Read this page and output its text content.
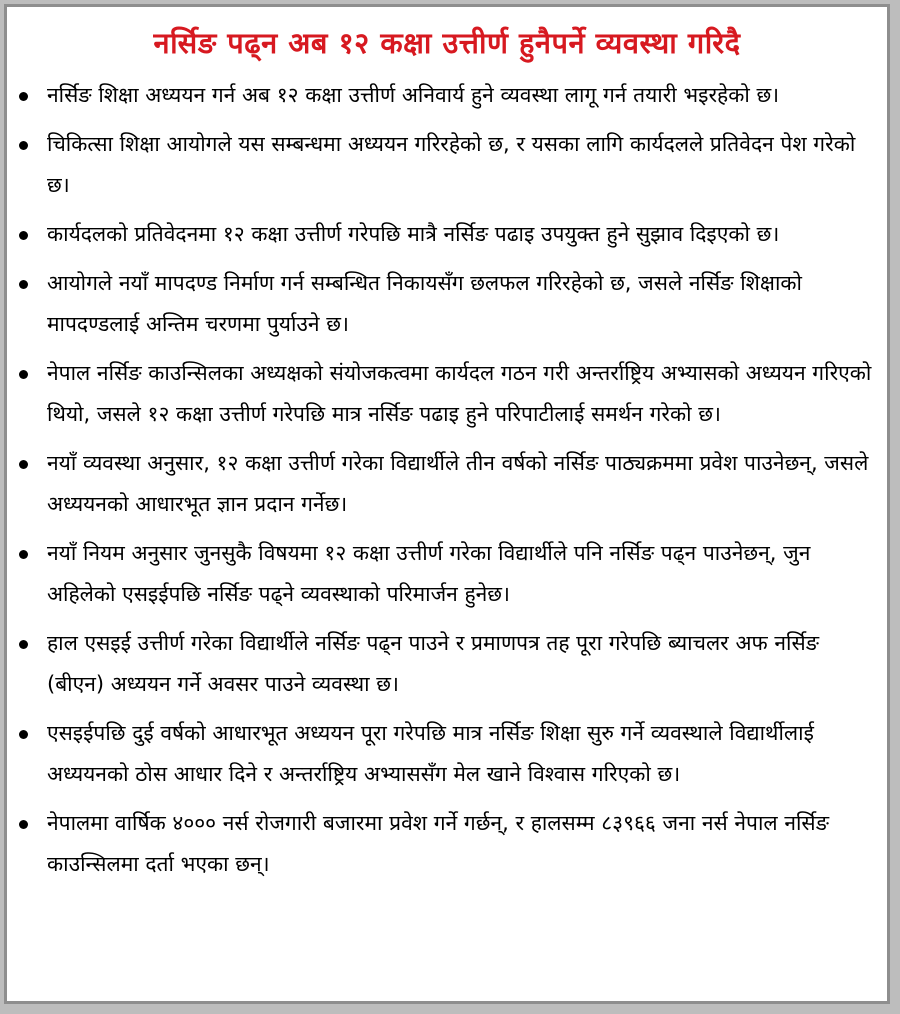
नर्सिङ पढ्न अब १२ कक्षा उत्तीर्ण हुनैपर्ने व्यवस्था गरिदै
नर्सिङ शिक्षा अध्ययन गर्न अब १२ कक्षा उत्तीर्ण अनिवार्य हुने व्यवस्था लागू गर्न तयारी भइरहेको छ।
चिकित्सा शिक्षा आयोगले यस सम्बन्धमा अध्ययन गरिरहेको छ, र यसका लागि कार्यदलले प्रतिवेदन पेश गरेको छ।
कार्यदलको प्रतिवेदनमा १२ कक्षा उत्तीर्ण गरेपछि मात्रै नर्सिङ पढाइ उपयुक्त हुने सुझाव दिइएको छ।
आयोगले नयाँ मापदण्ड निर्माण गर्न सम्बन्धित निकायसँग छलफल गरिरहेको छ, जसले नर्सिङ शिक्षाको मापदण्डलाई अन्तिम चरणमा पुर्याउने छ।
नेपाल नर्सिङ काउन्सिलका अध्यक्षको संयोजकत्वमा कार्यदल गठन गरी अन्तर्राष्ट्रिय अभ्यासको अध्ययन गरिएको थियो, जसले १२ कक्षा उत्तीर्ण गरेपछि मात्र नर्सिङ पढाइ हुने परिपाटीलाई समर्थन गरेको छ।
नयाँ व्यवस्था अनुसार, १२ कक्षा उत्तीर्ण गरेका विद्यार्थीले तीन वर्षको नर्सिङ पाठ्यक्रममा प्रवेश पाउनेछन्, जसले अध्ययनको आधारभूत ज्ञान प्रदान गर्नेछ।
नयाँ नियम अनुसार जुनसुकै विषयमा १२ कक्षा उत्तीर्ण गरेका विद्यार्थीले पनि नर्सिङ पढ्न पाउनेछन्, जुन अहिलेको एसइईपछि नर्सिङ पढ्ने व्यवस्थाको परिमार्जन हुनेछ।
हाल एसइई उत्तीर्ण गरेका विद्यार्थीले नर्सिङ पढ्न पाउने र प्रमाणपत्र तह पूरा गरेपछि ब्याचलर अफ नर्सिङ (बीएन) अध्ययन गर्ने अवसर पाउने व्यवस्था छ।
एसइईपछि दुई वर्षको आधारभूत अध्ययन पूरा गरेपछि मात्र नर्सिङ शिक्षा सुरु गर्ने व्यवस्थाले विद्यार्थीलाई अध्ययनको ठोस आधार दिने र अन्तर्राष्ट्रिय अभ्याससँग मेल खाने विश्वास गरिएको छ।
नेपालमा वार्षिक ४००० नर्स रोजगारी बजारमा प्रवेश गर्ने गर्छन्, र हालसम्म ८३९६६ जना नर्स नेपाल नर्सिङ काउन्सिलमा दर्ता भएका छन्।
